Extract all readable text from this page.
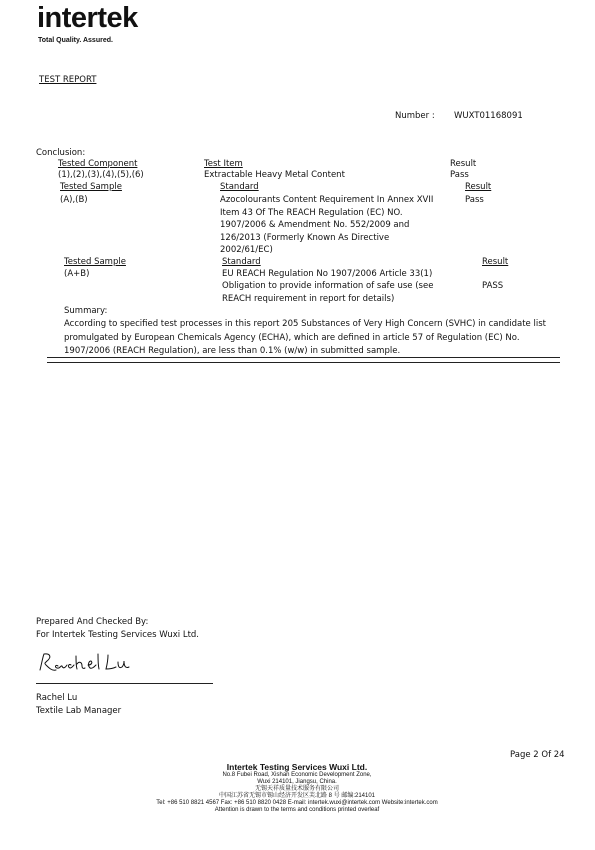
intertek
Total Quality. Assured.
TEST REPORT
Number : WUXT01168091
Conclusion:
Tested Component
(1),(2),(3),(4),(5),(6)
Test Item
Extractable Heavy Metal Content
Result
Pass
Tested Sample
(A),(B)
Standard
Azocolourants Content Requirement In Annex XVII
Item 43 Of The REACH Regulation (EC) NO.
1907/2006 & Amendment No. 552/2009 and
126/2013 (Formerly Known As Directive
2002/61/EC)
Result
Pass
Tested Sample
(A+B)
Standard
EU REACH Regulation No 1907/2006 Article 33(1)
Obligation to provide information of safe use (see
REACH requirement in report for details)
Result
PASS
Summary:
According to specified test processes in this report 205 Substances of Very High Concern (SVHC) in candidate list promulgated by European Chemicals Agency (ECHA), which are defined in article 57 of Regulation (EC) No. 1907/2006 (REACH Regulation), are less than 0.1% (w/w) in submitted sample.
Prepared And Checked By:
For Intertek Testing Services Wuxi Ltd.
Rachel Lu
Textile Lab Manager
Page 2 Of 24
Intertek Testing Services Wuxi Ltd.
No.8 Fubei Road, Xishan Economic Development Zone,
Wuxi 214101, Jiangsu, China.
无锡天祥质量技术服务有限公司
中国江苏省无锡市锡山经济开发区芙北路 8 号 邮编:214101
Tel: +86 510 8821 4567 Fax: +86 510 8820 0428 E-mail: intertek.wuxi@intertek.com Website:intertek.com
Attention is drawn to the terms and conditions printed overleaf
